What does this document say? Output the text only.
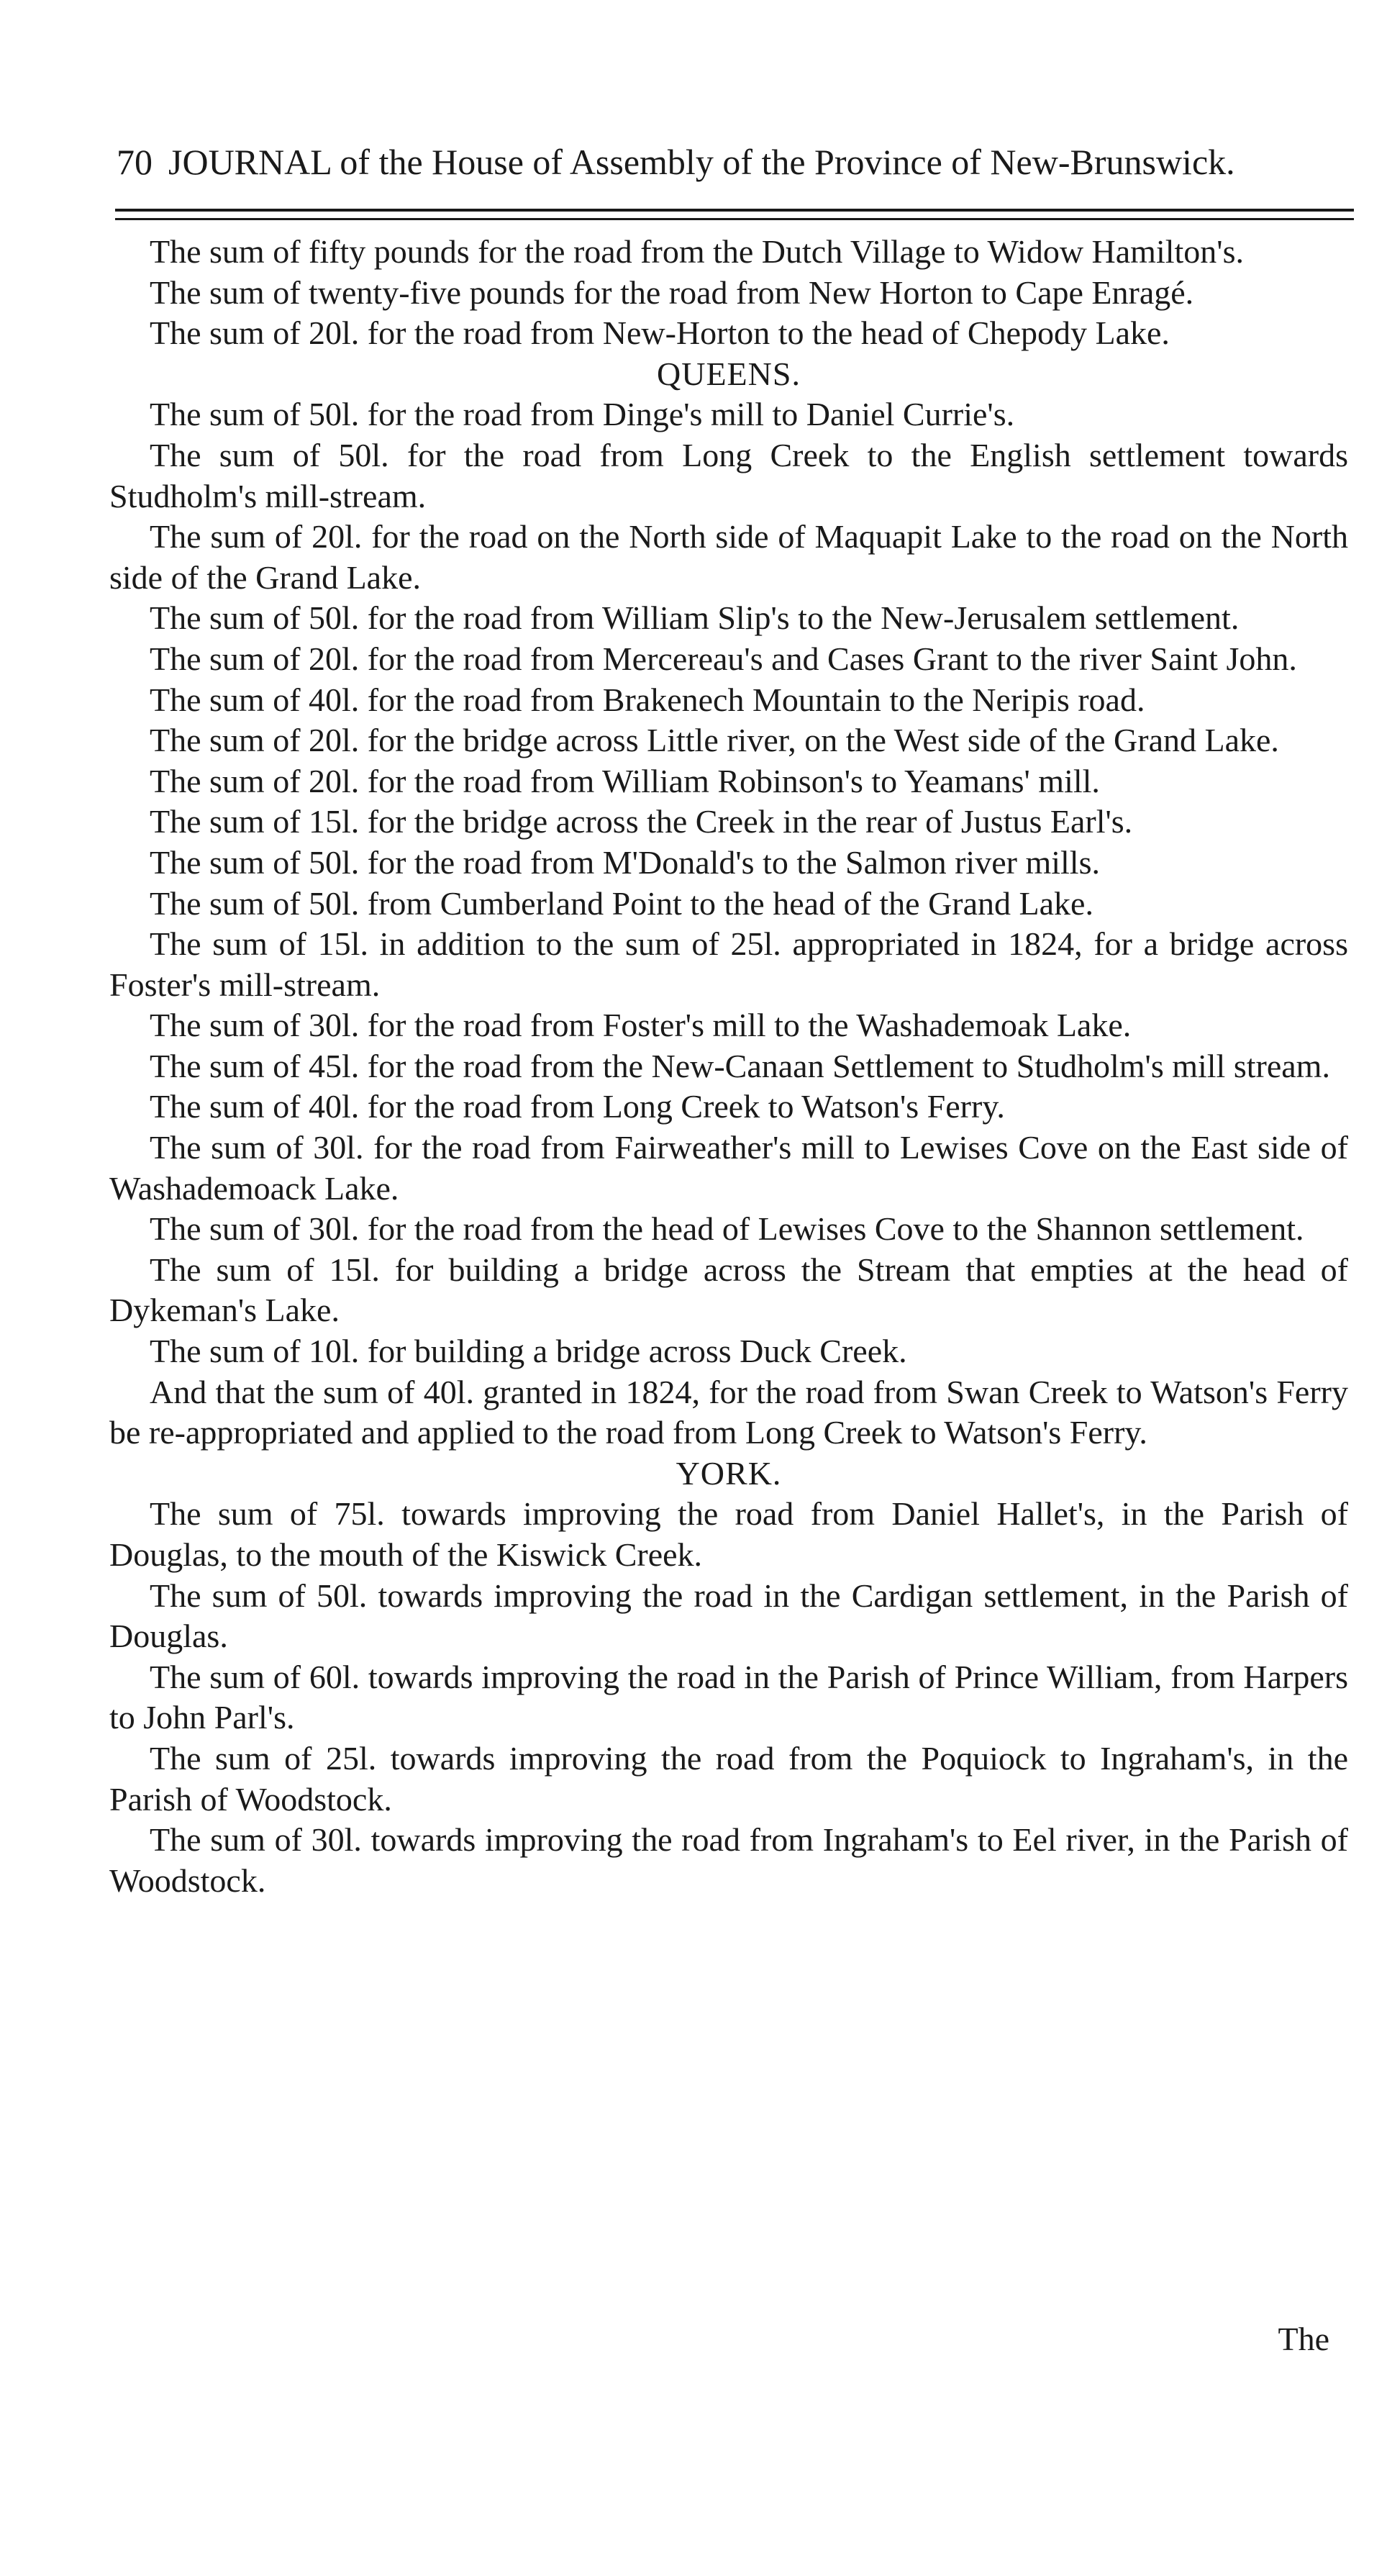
70 JOURNAL of the House of Assembly of the Province of New-Brunswick.

The sum of fifty pounds for the road from the Dutch Village to Widow Hamilton's.

The sum of twenty-five pounds for the road from New Horton to Cape Enragé.

The sum of 20l. for the road from New-Horton to the head of Chepody Lake.

QUEENS.

The sum of 50l. for the road from Dinge's mill to Daniel Currie's.

The sum of 50l. for the road from Long Creek to the English settlement towards Studholm's mill-stream.

The sum of 20l. for the road on the North side of Maquapit Lake to the road on the North side of the Grand Lake.

The sum of 50l. for the road from William Slip's to the New-Jerusalem settlement.

The sum of 20l. for the road from Mercereau's and Cases Grant to the river Saint John.

The sum of 40l. for the road from Brakenech Mountain to the Neripis road.

The sum of 20l. for the bridge across Little river, on the West side of the Grand Lake.

The sum of 20l. for the road from William Robinson's to Yeamans' mill.

The sum of 15l. for the bridge across the Creek in the rear of Justus Earl's.

The sum of 50l. for the road from M'Donald's to the Salmon river mills.

The sum of 50l. from Cumberland Point to the head of the Grand Lake.

The sum of 15l. in addition to the sum of 25l. appropriated in 1824, for a bridge across Foster's mill-stream.

The sum of 30l. for the road from Foster's mill to the Washademoak Lake.

The sum of 45l. for the road from the New-Canaan Settlement to Studholm's mill stream.

The sum of 40l. for the road from Long Creek to Watson's Ferry.

The sum of 30l. for the road from Fairweather's mill to Lewises Cove on the East side of Washademoack Lake.

The sum of 30l. for the road from the head of Lewises Cove to the Shannon settlement.

The sum of 15l. for building a bridge across the Stream that empties at the head of Dykeman's Lake.

The sum of 10l. for building a bridge across Duck Creek.

And that the sum of 40l. granted in 1824, for the road from Swan Creek to Watson's Ferry be re-appropriated and applied to the road from Long Creek to Watson's Ferry.

YORK.

The sum of 75l. towards improving the road from Daniel Hallet's, in the Parish of Douglas, to the mouth of the Kiswick Creek.

The sum of 50l. towards improving the road in the Cardigan settlement, in the Parish of Douglas.

The sum of 60l. towards improving the road in the Parish of Prince William, from Harpers to John Parl's.

The sum of 25l. towards improving the road from the Poquiock to Ingraham's, in the Parish of Woodstock.

The sum of 30l. towards improving the road from Ingraham's to Eel river, in the Parish of Woodstock.

The
